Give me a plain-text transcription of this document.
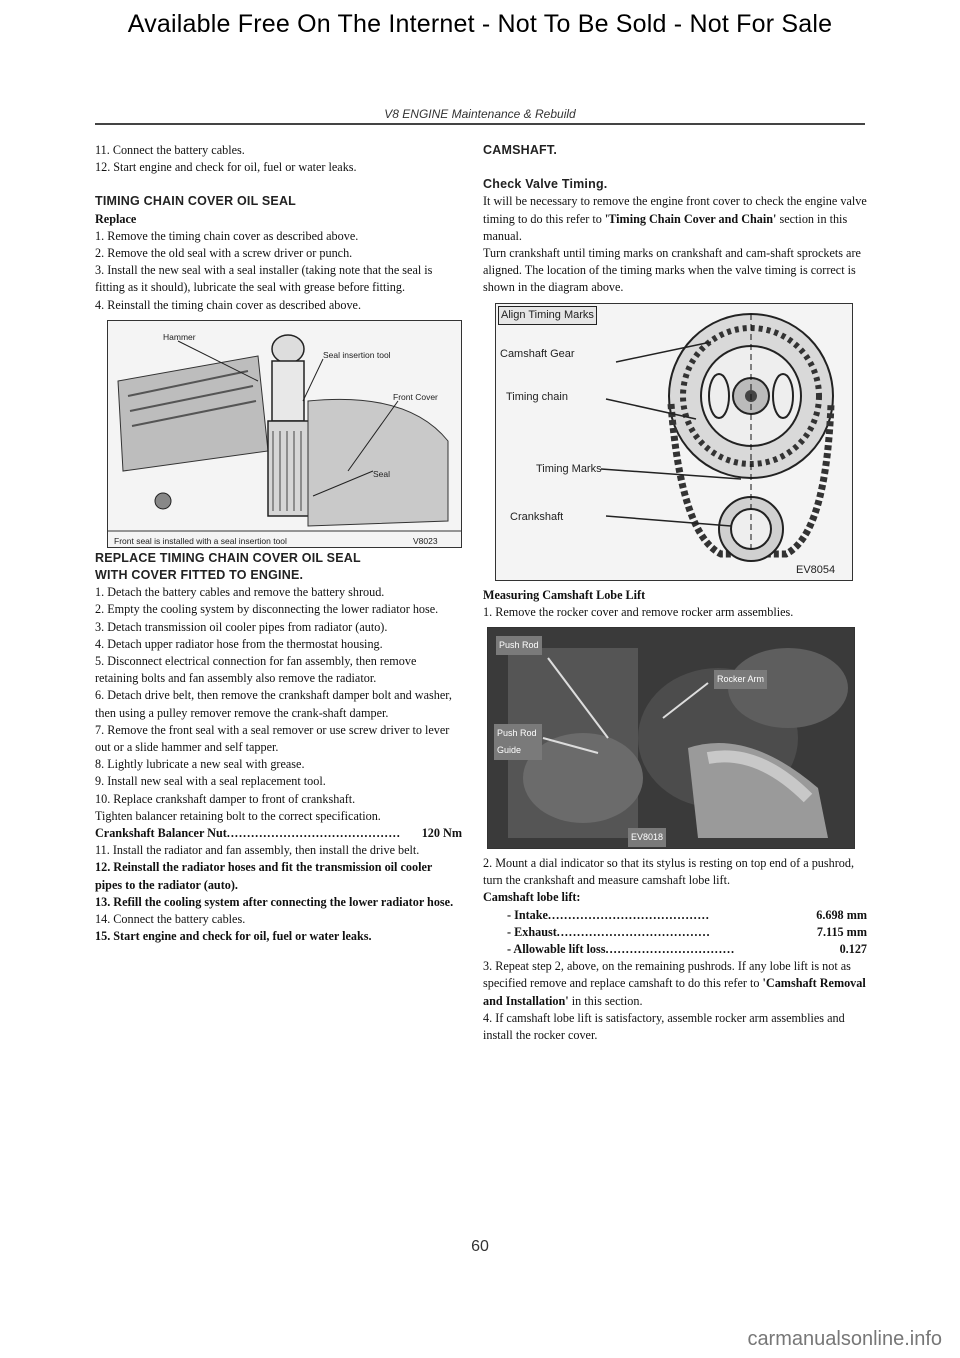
Available Free On The Internet - Not To Be Sold - Not For Sale
V8 ENGINE Maintenance & Rebuild

11. Connect the battery cables.

12. Start engine and check for oil, fuel or water leaks.

TIMING CHAIN COVER OIL SEAL

Replace

1. Remove the timing chain cover as described above.

2. Remove the old seal with a screw driver or punch.

3. Install the new seal with a seal installer (taking note that the seal is fitting as it should), lubricate the seal with grease before fitting.

4. Reinstall the timing chain cover as described above.

Hammer
Seal insertion tool
Front Cover
Seal
Front seal is installed with a seal insertion tool	V8023

REPLACE TIMING CHAIN COVER OIL SEAL

WITH COVER FITTED TO ENGINE.

1. Detach the battery cables and remove the battery shroud.

2. Empty the cooling system by disconnecting the lower radiator hose.

3. Detach transmission oil cooler pipes from radiator (auto).

4. Detach upper radiator hose from the thermostat housing.

5. Disconnect electrical connection for fan assembly, then remove retaining bolts and fan assembly also remove the radiator.

6. Detach drive belt, then remove the crankshaft damper bolt and washer, then using a pulley remover remove the crank-shaft damper.

7. Remove the front seal with a seal remover or use screw driver to lever out or a slide hammer and self tapper.

8. Lightly lubricate a new seal with grease.

9. Install new seal with a seal replacement tool.

10. Replace crankshaft damper to front of crankshaft.

Tighten balancer retaining bolt to the correct specification.

Crankshaft Balancer Nut ...........................................	120 Nm

11. Install the radiator and fan assembly, then install the drive belt.

12. Reinstall the radiator hoses and fit the transmission oil cooler pipes to the radiator (auto).

13. Refill the cooling system after connecting the lower radiator hose.

14. Connect the battery cables.

15. Start engine and check for oil, fuel or water leaks.

CAMSHAFT.

Check Valve Timing.

It will be necessary to remove the engine front cover to check the engine valve timing to do this refer to 'Timing Chain Cover and Chain' section in this manual.

Turn crankshaft until timing marks on crankshaft and cam-shaft sprockets are aligned. The location of the timing marks when the valve timing is correct is shown in the diagram above.

Align Timing Marks
Camshaft Gear
Timing chain
Timing Marks
Crankshaft
EV8054

Measuring Camshaft Lobe Lift

1. Remove the rocker cover and remove rocker arm assemblies.

Push Rod
Rocker Arm
Push Rod Guide
EV8018

2. Mount a dial indicator so that its stylus is resting on top end of a pushrod, turn the crankshaft and measure camshaft lobe lift.

Camshaft lobe lift:

- Intake ........................................	6.698 mm
- Exhaust ......................................	7.115 mm
- Allowable lift loss ................................	0.127

3. Repeat step 2, above, on the remaining pushrods. If any lobe lift is not as specified remove and replace camshaft to do this refer to 'Camshaft Removal and Installation' in this section.

4. If camshaft lobe lift is satisfactory, assemble rocker arm assemblies and install the rocker cover.

60
carmanualsonline.info
